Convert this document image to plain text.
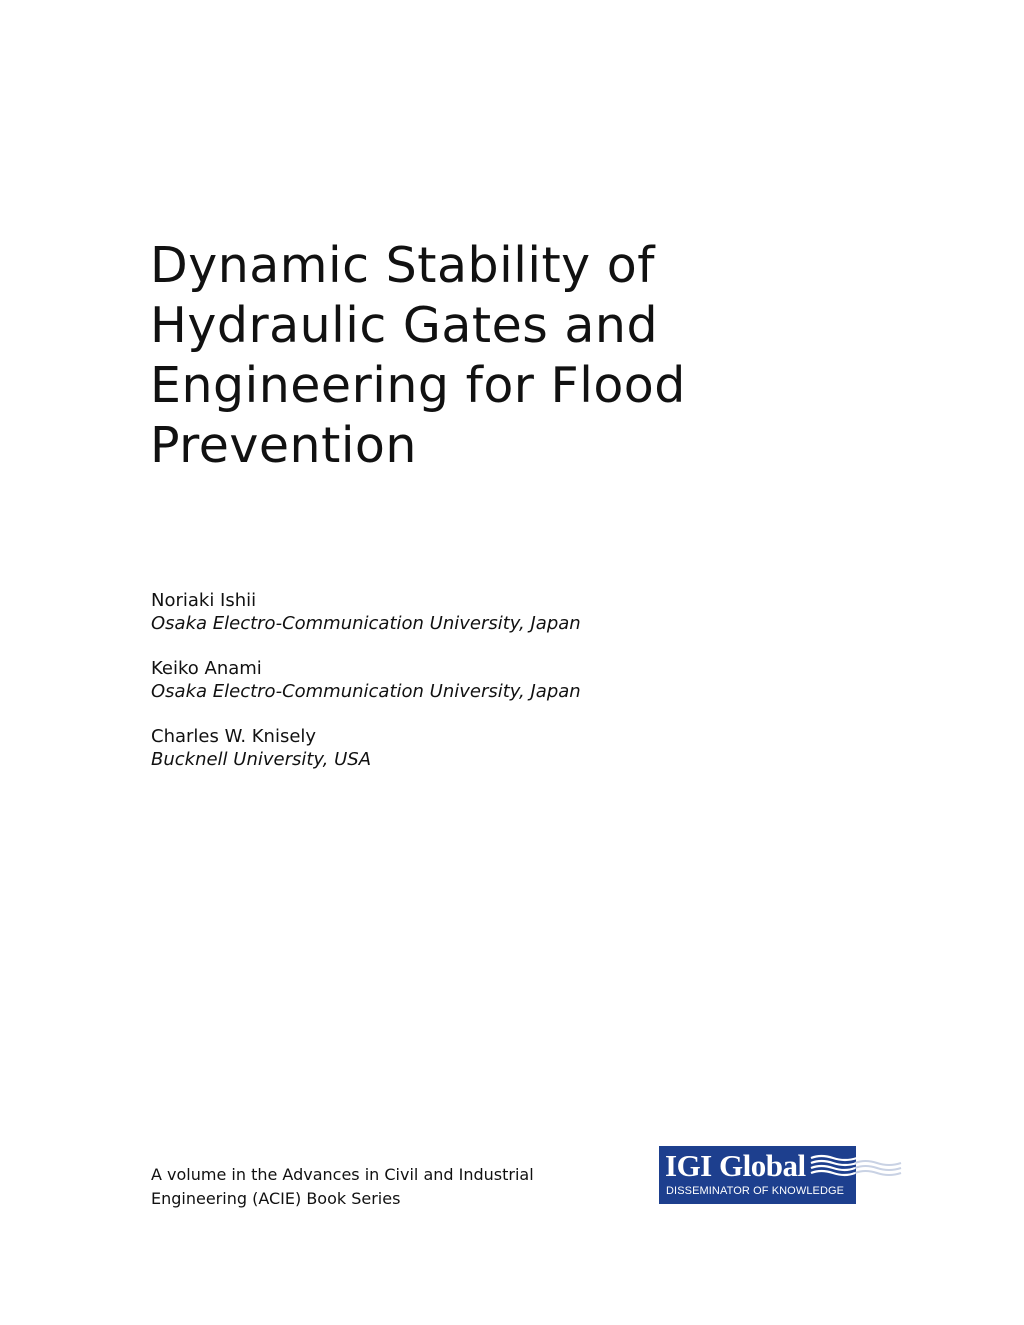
Dynamic Stability of
Hydraulic Gates and
Engineering for Flood
Prevention
Noriaki Ishii
Osaka Electro-Communication University, Japan
Keiko Anami
Osaka Electro-Communication University, Japan
Charles W. Knisely
Bucknell University, USA
A volume in the Advances in Civil and Industrial
Engineering (ACIE) Book Series
IGI Global
DISSEMINATOR OF KNOWLEDGE
